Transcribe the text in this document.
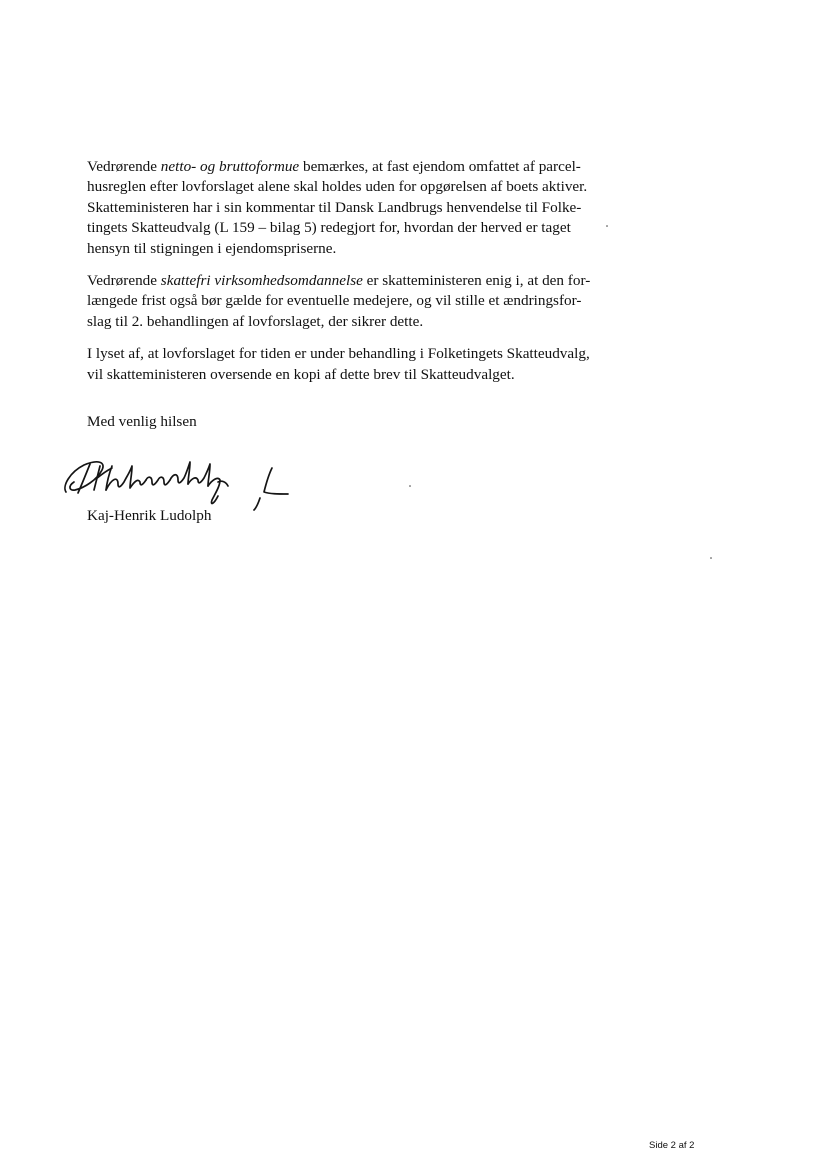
Vedrørende netto- og bruttoformue bemærkes, at fast ejendom omfattet af parcel-
husreglen efter lovforslaget alene skal holdes uden for opgørelsen af boets aktiver.
Skatteministeren har i sin kommentar til Dansk Landbrugs henvendelse til Folke-
tingets Skatteudvalg (L 159 – bilag 5) redegjort for, hvordan der herved er taget
hensyn til stigningen i ejendomspriserne.

Vedrørende skattefri virksomhedsomdannelse er skatteministeren enig i, at den for-
længede frist også bør gælde for eventuelle medejere, og vil stille et ændringsfor-
slag til 2. behandlingen af lovforslaget, der sikrer dette.

I lyset af, at lovforslaget for tiden er under behandling i Folketingets Skatteudvalg,
vil skatteministeren oversende en kopi af dette brev til Skatteudvalget.

Med venlig hilsen
Kaj-Henrik Ludolph
Side 2 af 2
